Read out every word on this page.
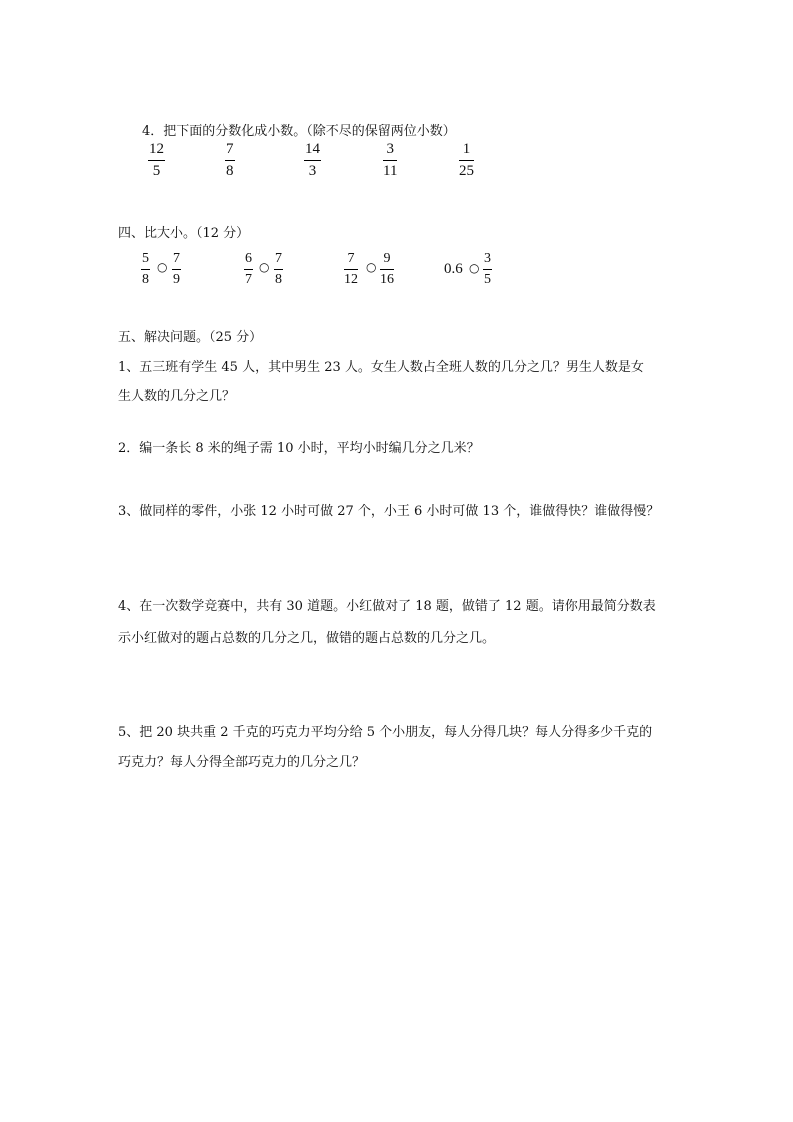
4．把下面的分数化成小数。（除不尽的保留两位小数）
$\frac{12}{5}$	$\frac{7}{8}$	$\frac{14}{3}$	$\frac{3}{11}$	$\frac{1}{25}$
四、比大小。（12 分）
$\frac{5}{8}$ ○ $\frac{7}{9}$	$\frac{6}{7}$ ○ $\frac{7}{8}$	$\frac{7}{12}$ ○ $\frac{9}{16}$	0.6 ○ $\frac{3}{5}$
五、解决问题。（25 分）
1、五三班有学生 45 人，其中男生 23 人。女生人数占全班人数的几分之几？男生人数是女
生人数的几分之几？
2．编一条长 8 米的绳子需 10 小时，平均小时编几分之几米？
3、做同样的零件，小张 12 小时可做 27 个，小王 6 小时可做 13 个，谁做得快？谁做得慢？
4、在一次数学竞赛中，共有 30 道题。小红做对了 18 题，做错了 12 题。请你用最简分数表
示小红做对的题占总数的几分之几，做错的题占总数的几分之几。
5、把 20 块共重 2 千克的巧克力平均分给 5 个小朋友，每人分得几块？每人分得多少千克的
巧克力？每人分得全部巧克力的几分之几？
